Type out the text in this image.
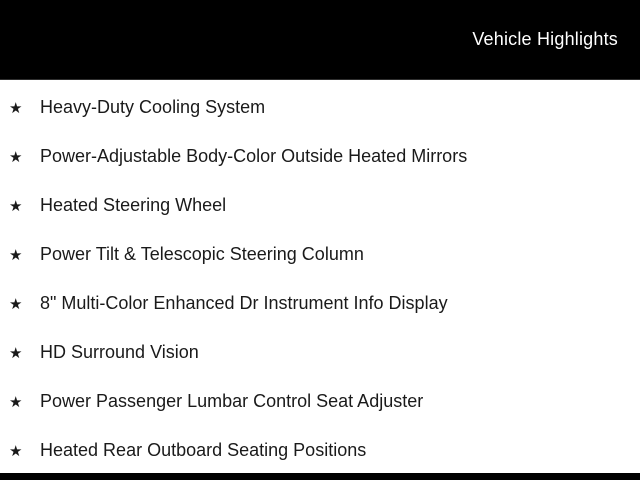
Vehicle Highlights
★ Heavy-Duty Cooling System
★ Power-Adjustable Body-Color Outside Heated Mirrors
★ Heated Steering Wheel
★ Power Tilt & Telescopic Steering Column
★ 8" Multi-Color Enhanced Dr Instrument Info Display
★ HD Surround Vision
★ Power Passenger Lumbar Control Seat Adjuster
★ Heated Rear Outboard Seating Positions
